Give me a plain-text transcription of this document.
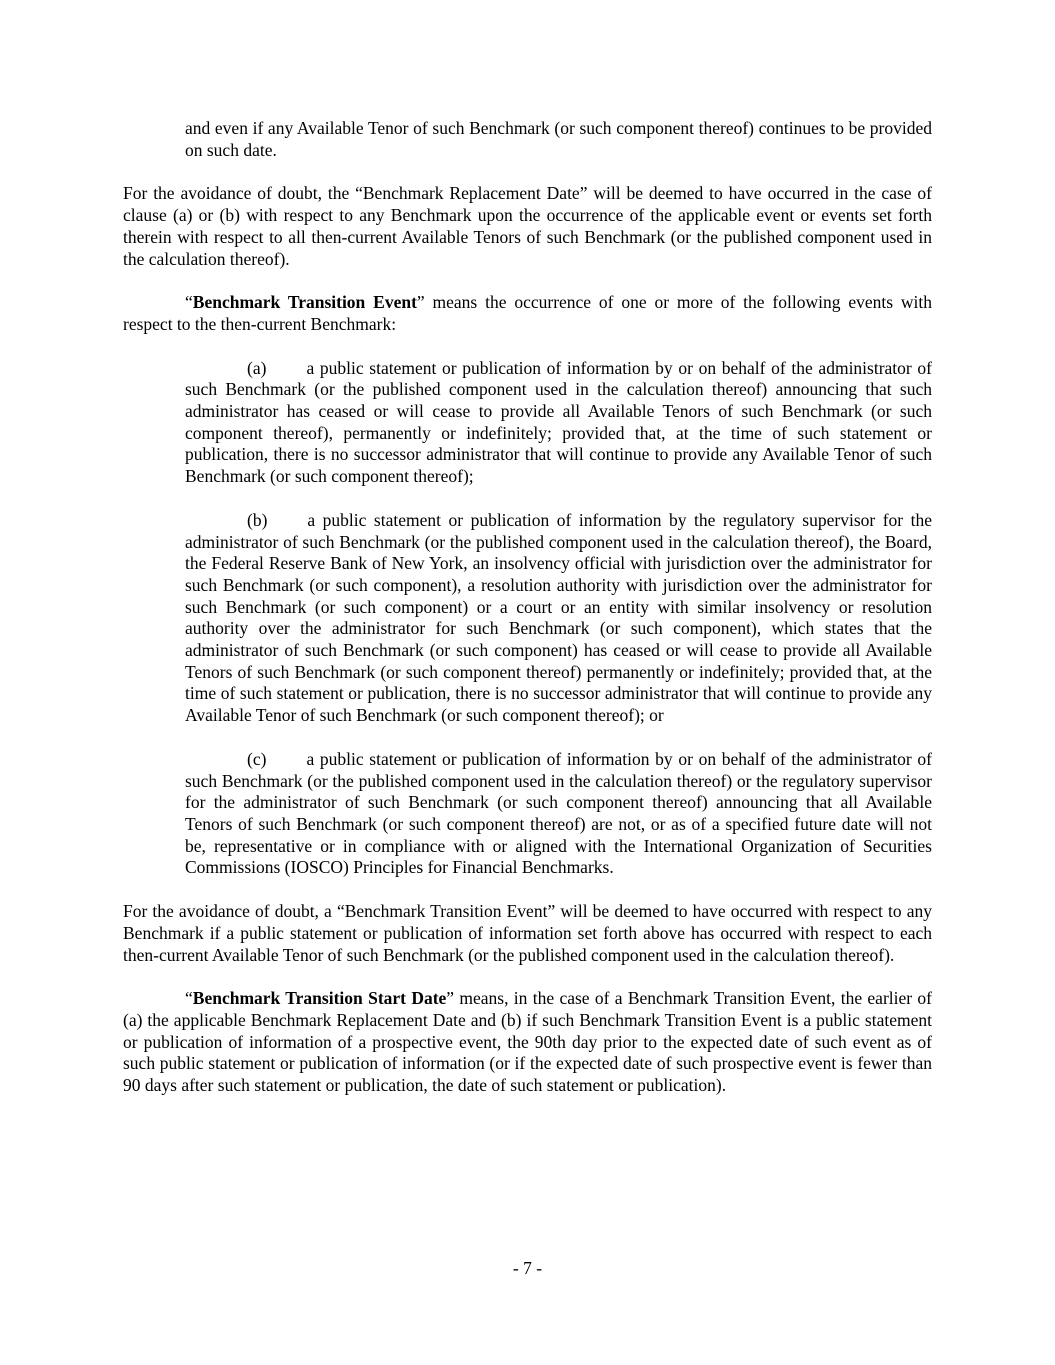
and even if any Available Tenor of such Benchmark (or such component thereof) continues to be provided on such date.

For the avoidance of doubt, the “Benchmark Replacement Date” will be deemed to have occurred in the case of clause (a) or (b) with respect to any Benchmark upon the occurrence of the applicable event or events set forth therein with respect to all then-current Available Tenors of such Benchmark (or the published component used in the calculation thereof).

“Benchmark Transition Event” means the occurrence of one or more of the following events with respect to the then-current Benchmark:

(a) a public statement or publication of information by or on behalf of the administrator of such Benchmark (or the published component used in the calculation thereof) announcing that such administrator has ceased or will cease to provide all Available Tenors of such Benchmark (or such component thereof), permanently or indefinitely; provided that, at the time of such statement or publication, there is no successor administrator that will continue to provide any Available Tenor of such Benchmark (or such component thereof);

(b) a public statement or publication of information by the regulatory supervisor for the administrator of such Benchmark (or the published component used in the calculation thereof), the Board, the Federal Reserve Bank of New York, an insolvency official with jurisdiction over the administrator for such Benchmark (or such component), a resolution authority with jurisdiction over the administrator for such Benchmark (or such component) or a court or an entity with similar insolvency or resolution authority over the administrator for such Benchmark (or such component), which states that the administrator of such Benchmark (or such component) has ceased or will cease to provide all Available Tenors of such Benchmark (or such component thereof) permanently or indefinitely; provided that, at the time of such statement or publication, there is no successor administrator that will continue to provide any Available Tenor of such Benchmark (or such component thereof); or

(c) a public statement or publication of information by or on behalf of the administrator of such Benchmark (or the published component used in the calculation thereof) or the regulatory supervisor for the administrator of such Benchmark (or such component thereof) announcing that all Available Tenors of such Benchmark (or such component thereof) are not, or as of a specified future date will not be, representative or in compliance with or aligned with the International Organization of Securities Commissions (IOSCO) Principles for Financial Benchmarks.

For the avoidance of doubt, a “Benchmark Transition Event” will be deemed to have occurred with respect to any Benchmark if a public statement or publication of information set forth above has occurred with respect to each then-current Available Tenor of such Benchmark (or the published component used in the calculation thereof).

“Benchmark Transition Start Date” means, in the case of a Benchmark Transition Event, the earlier of (a) the applicable Benchmark Replacement Date and (b) if such Benchmark Transition Event is a public statement or publication of information of a prospective event, the 90th day prior to the expected date of such event as of such public statement or publication of information (or if the expected date of such prospective event is fewer than 90 days after such statement or publication, the date of such statement or publication).

- 7 -
